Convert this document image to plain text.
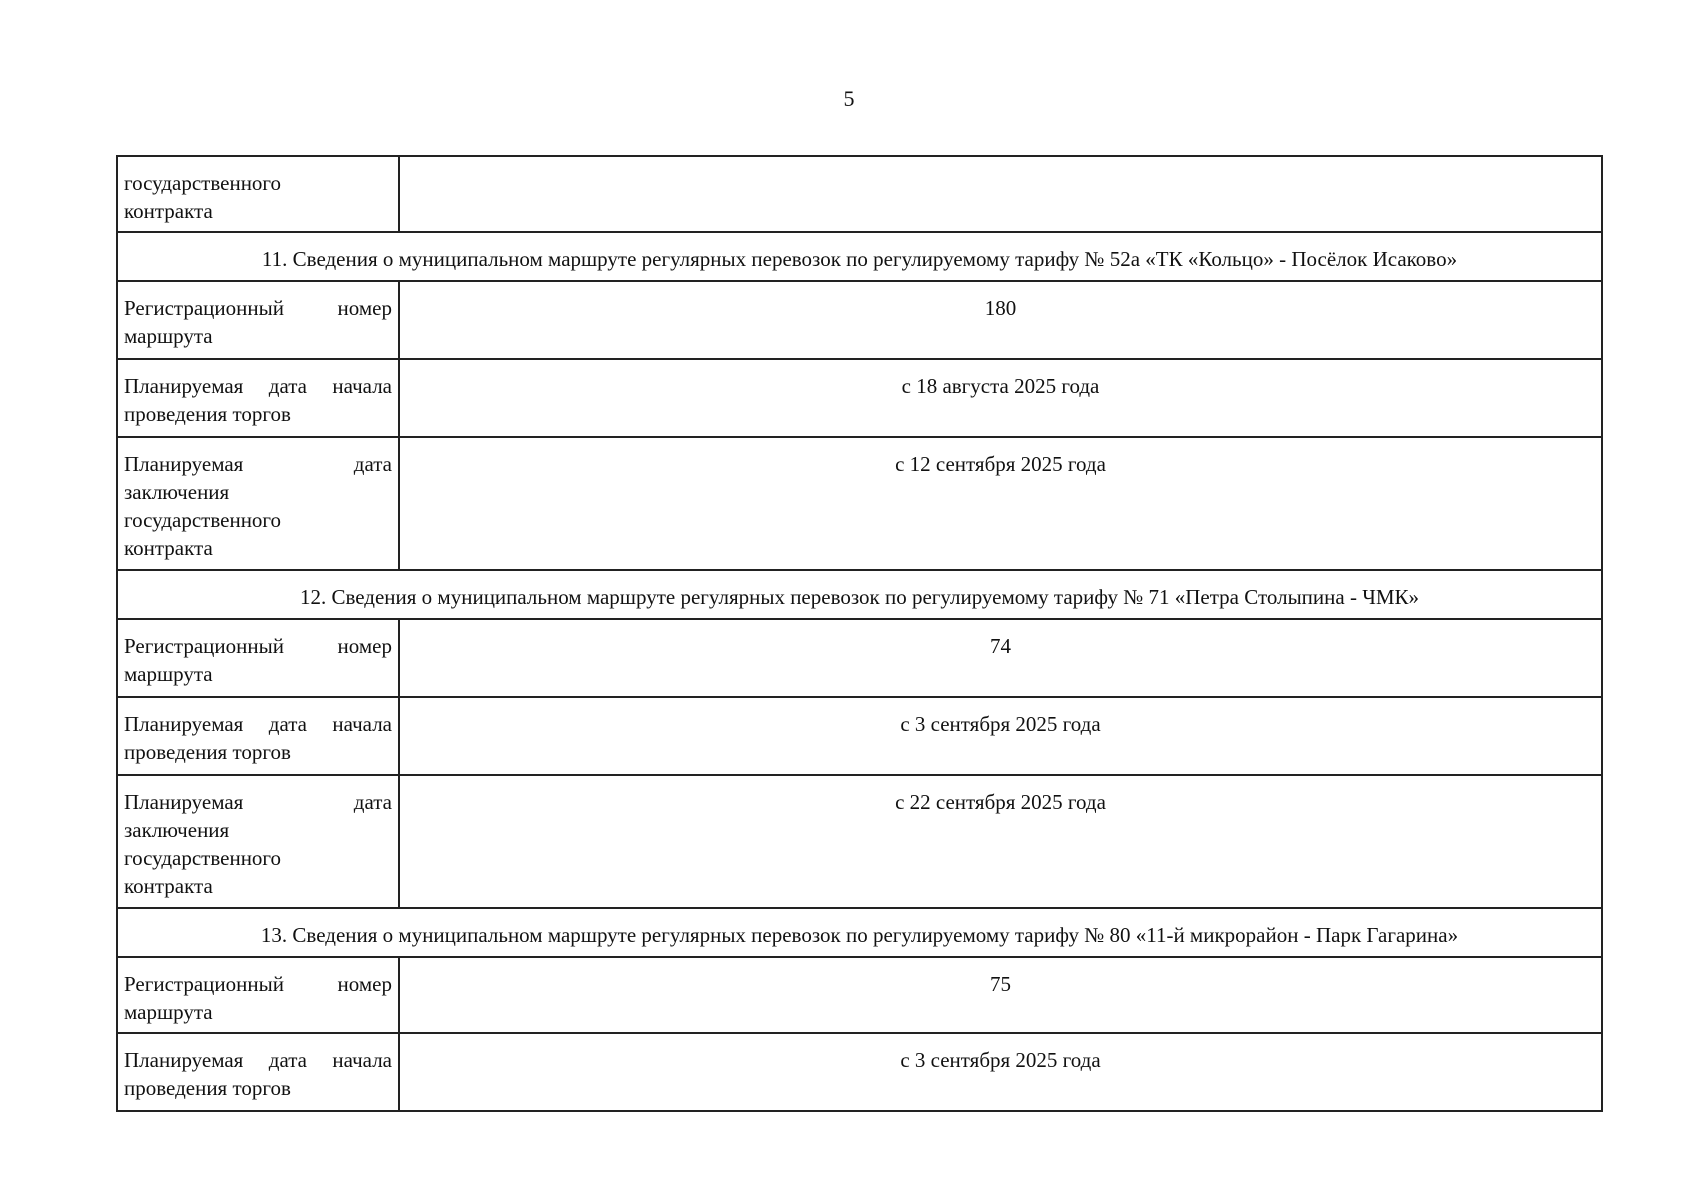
5
государственного
контракта	

11. Сведения о муниципальном маршруте регулярных перевозок по регулируемому тарифу № 52а «ТК «Кольцо» - Посёлок Исаково»	

Регистрационный номер
маршрута	180

Планируемая дата начала
проведения торгов	с 18 августа 2025 года

Планируемая дата
заключения
государственного
контракта	с 12 сентября 2025 года
12. Сведения о муниципальном маршруте регулярных перевозок по регулируемому тарифу № 71 «Петра Столыпина - ЧМК»	

Регистрационный номер
маршрута	74

Планируемая дата начала
проведения торгов	с 3 сентября 2025 года

Планируемая дата
заключения
государственного
контракта	с 22 сентября 2025 года
13. Сведения о муниципальном маршруте регулярных перевозок по регулируемому тарифу № 80 «11-й микрорайон - Парк Гагарина»	

Регистрационный номер
маршрута	75

Планируемая дата начала
проведения торгов	с 3 сентября 2025 года
